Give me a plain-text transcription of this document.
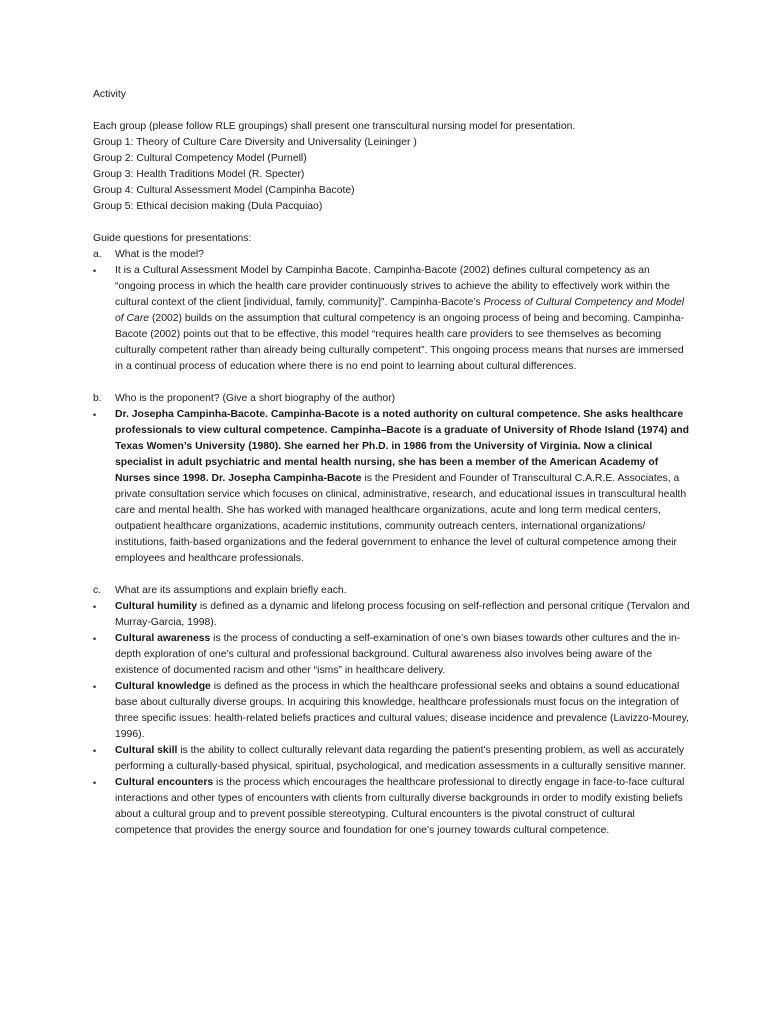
Activity

Each group (please follow RLE groupings) shall present one transcultural nursing model for presentation.

Group 1: Theory of Culture Care Diversity and Universality (Leininger )

Group 2: Cultural Competency Model (Purnell)

Group 3: Health Traditions Model (R. Specter)

Group 4: Cultural Assessment Model (Campinha Bacote)

Group 5: Ethical decision making (Dula Pacquiao)

Guide questions for presentations:

a. What is the model?
• It is a Cultural Assessment Model by Campinha Bacote. Campinha-Bacote (2002) defines cultural competency as an “ongoing process in which the health care provider continuously strives to achieve the ability to effectively work within the cultural context of the client [individual, family, community]”. Campinha-Bacote’s Process of Cultural Competency and Model of Care (2002) builds on the assumption that cultural competency is an ongoing process of being and becoming. Campinha-Bacote (2002) points out that to be effective, this model “requires health care providers to see themselves as becoming culturally competent rather than already being culturally competent”. This ongoing process means that nurses are immersed in a continual process of education where there is no end point to learning about cultural differences.
b. Who is the proponent? (Give a short biography of the author)
• Dr. Josepha Campinha-Bacote. Campinha-Bacote is a noted authority on cultural competence. She asks healthcare professionals to view cultural competence. Campinha–Bacote is a graduate of University of Rhode Island (1974) and Texas Women’s University (1980). She earned her Ph.D. in 1986 from the University of Virginia. Now a clinical specialist in adult psychiatric and mental health nursing, she has been a member of the American Academy of Nurses since 1998. Dr. Josepha Campinha-Bacote is the President and Founder of Transcultural C.A.R.E. Associates, a private consultation service which focuses on clinical, administrative, research, and educational issues in transcultural health care and mental health. She has worked with managed healthcare organizations, acute and long term medical centers, outpatient healthcare organizations, academic institutions, community outreach centers, international organizations/ institutions, faith-based organizations and the federal government to enhance the level of cultural competence among their employees and healthcare professionals.
c. What are its assumptions and explain briefly each.
• Cultural humility is defined as a dynamic and lifelong process focusing on self-reflection and personal critique (Tervalon and Murray-Garcia, 1998).
• Cultural awareness is the process of conducting a self-examination of one’s own biases towards other cultures and the in-depth exploration of one’s cultural and professional background. Cultural awareness also involves being aware of the existence of documented racism and other “isms” in healthcare delivery.
• Cultural knowledge is defined as the process in which the healthcare professional seeks and obtains a sound educational base about culturally diverse groups. In acquiring this knowledge, healthcare professionals must focus on the integration of three specific issues: health-related beliefs practices and cultural values; disease incidence and prevalence (Lavizzo-Mourey, 1996).
• Cultural skill is the ability to collect culturally relevant data regarding the patient's presenting problem, as well as accurately performing a culturally-based physical, spiritual, psychological, and medication assessments in a culturally sensitive manner.
• Cultural encounters is the process which encourages the healthcare professional to directly engage in face-to-face cultural interactions and other types of encounters with clients from culturally diverse backgrounds in order to modify existing beliefs about a cultural group and to prevent possible stereotyping. Cultural encounters is the pivotal construct of cultural competence that provides the energy source and foundation for one’s journey towards cultural competence.
